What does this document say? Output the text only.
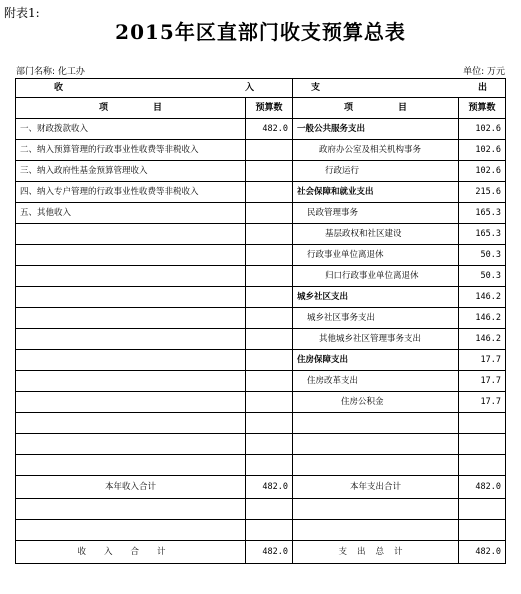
附表1:
2015年区直部门收支预算总表
部门名称: 化工办	单位: 万元
收 入		支 出	

项　　　　　目	预算数	项　　　　　目	预算数
一、财政拨款收入	482.0	一般公共服务支出	102.6
二、纳入预算管理的行政事业性收费等非税收入		政府办公室及相关机构事务	102.6
三、纳入政府性基金预算管理收入		行政运行	102.6
四、纳入专户管理的行政事业性收费等非税收入		社会保障和就业支出	215.6
五、其他收入		民政管理事务	165.3
		基层政权和社区建设	165.3
		行政事业单位离退休	50.3
		归口行政事业单位离退休	50.3
		城乡社区支出	146.2
		城乡社区事务支出	146.2
		其他城乡社区管理事务支出	146.2
		住房保障支出	17.7
		住房改革支出	17.7
		住房公积金	17.7

本年收入合计	482.0	本年支出合计	482.0

收入合计	482.0	支出总计	482.0
